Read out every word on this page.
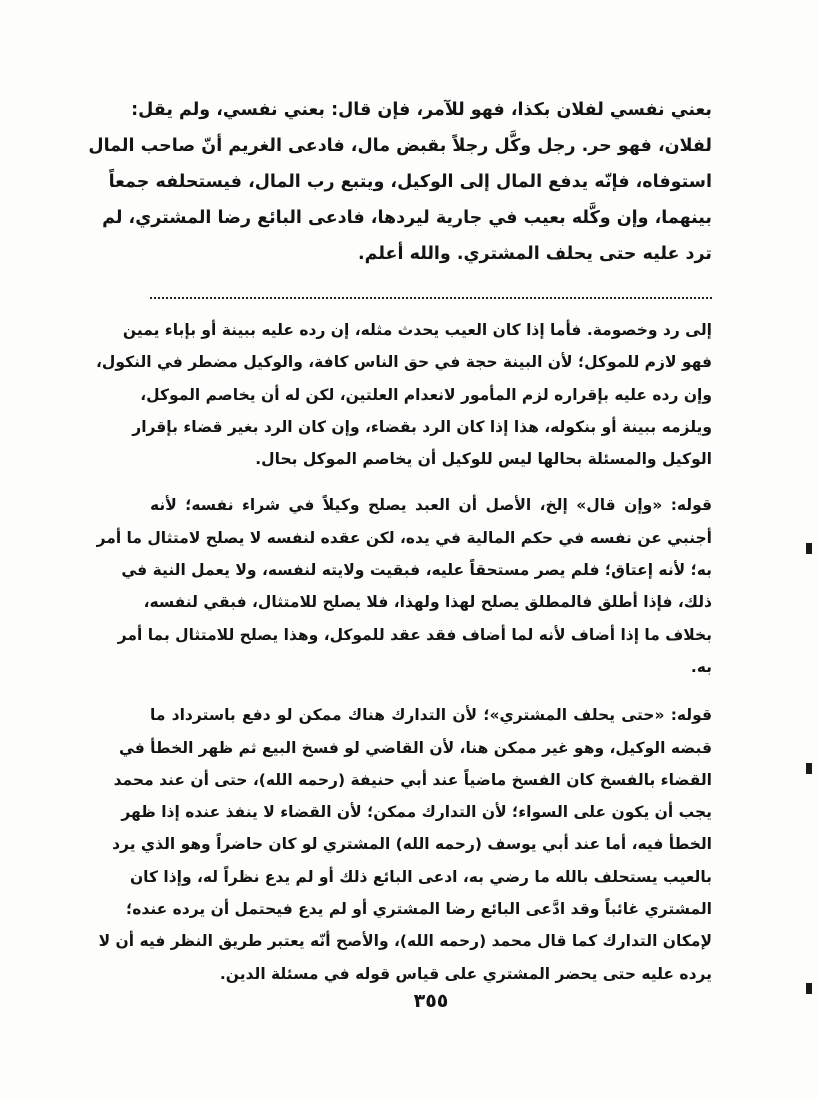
بعني نفسي لفلان بكذا، فهو للآمر، فإن قال: بعني نفسي، ولم يقل:
لفلان، فهو حر. رجل وكَّل رجلاً بقبض مال، فادعى الغريم أنّ صاحب المال
استوفاه، فإنّه يدفع المال إلى الوكيل، ويتبع رب المال، فيستحلفه جمعاً
بينهما، وإن وكَّله بعيب في جارية ليردها، فادعى البائع رضا المشتري، لم
ترد عليه حتى يحلف المشتري. والله أعلم.
إلى رد وخصومة. فأما إذا كان العيب يحدث مثله، إن رده عليه ببينة أو بإباء يمين
فهو لازم للموكل؛ لأن البينة حجة في حق الناس كافة، والوكيل مضطر في النكول،
وإن رده عليه بإقراره لزم المأمور لانعدام العلتين، لكن له أن يخاصم الموكل،
ويلزمه ببينة أو بنكوله، هذا إذا كان الرد بقضاء، وإن كان الرد بغير قضاء بإقرار
الوكيل والمسئلة بحالها ليس للوكيل أن يخاصم الموكل بحال.
قوله: «وإن قال» إلخ، الأصل أن العبد يصلح وكيلاً في شراء نفسه؛ لأنه
أجنبي عن نفسه في حكم المالية في يده، لكن عقده لنفسه لا يصلح لامتثال ما أمر
به؛ لأنه إعتاق؛ فلم يصر مستحقاً عليه، فبقيت ولايته لنفسه، ولا يعمل النية في
ذلك، فإذا أطلق فالمطلق يصلح لهذا ولهذا، فلا يصلح للامتثال، فبقي لنفسه،
بخلاف ما إذا أضاف لأنه لما أضاف فقد عقد للموكل، وهذا يصلح للامتثال بما أمر
به.
قوله: «حتى يحلف المشتري»؛ لأن التدارك هناك ممكن لو دفع باسترداد ما
قبضه الوكيل، وهو غير ممكن هنا، لأن القاضي لو فسخ البيع ثم ظهر الخطأ في
القضاء بالفسخ كان الفسخ ماضياً عند أبي حنيفة (رحمه الله)، حتى أن عند محمد
يجب أن يكون على السواء؛ لأن التدارك ممكن؛ لأن القضاء لا ينفذ عنده إذا ظهر
الخطأ فيه، أما عند أبي يوسف (رحمه الله) المشتري لو كان حاضراً وهو الذي يرد
بالعيب يستحلف بالله ما رضي به، ادعى البائع ذلك أو لم يدع نظراً له، وإذا كان
المشتري غائباً وقد ادَّعى البائع رضا المشتري أو لم يدع فيحتمل أن يرده عنده؛
لإمكان التدارك كما قال محمد (رحمه الله)، والأصح أنّه يعتبر طريق النظر فيه أن لا
يرده عليه حتى يحضر المشتري على قياس قوله في مسئلة الدين.
٣٥٥
